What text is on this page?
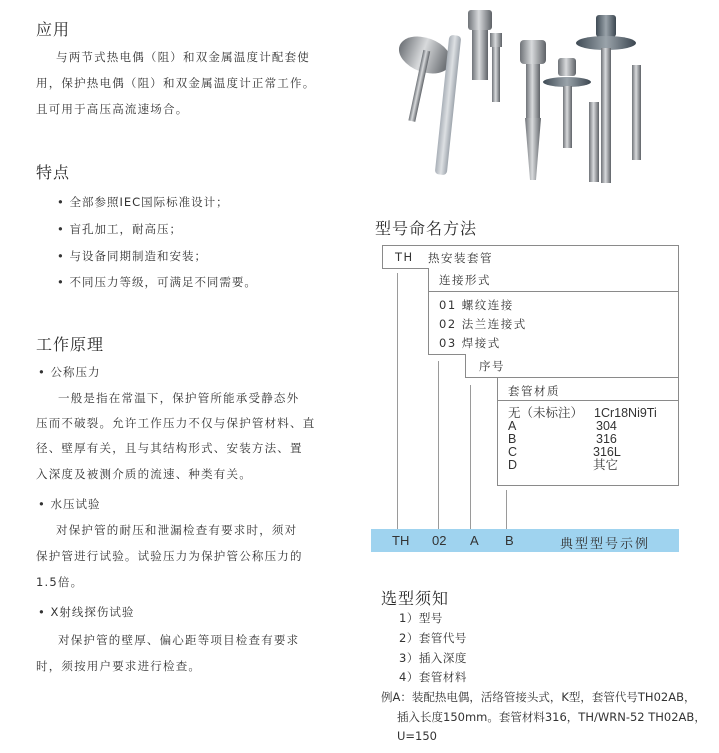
应用
与两节式热电偶（阻）和双金属温度计配套使
用，保护热电偶（阻）和双金属温度计正常工作。
且可用于高压高流速场合。
特点
• 全部参照IEC国际标准设计；
• 盲孔加工，耐高压；
• 与设备同期制造和安装；
• 不同压力等级，可满足不同需要。
工作原理
• 公称压力
一般是指在常温下，保护管所能承受静态外
压而不破裂。允许工作压力不仅与保护管材料、直
径、壁厚有关，且与其结构形式、安装方法、置
入深度及被测介质的流速、种类有关。
• 水压试验
对保护管的耐压和泄漏检查有要求时，须对
保护管进行试验。试验压力为保护管公称压力的
1.5倍。
• X射线探伤试验
对保护管的壁厚、偏心距等项目检查有要求
时，须按用户要求进行检查。
型号命名方法
TH 热安装套管
连接形式
01 螺纹连接
02 法兰连接式
03 焊接式
序号
套管材质
无（未标注） 1Cr18Ni9Ti
A	304
B	316
C	316L
D	其它
TH 02 A B	典型型号示例
选型须知
1）型号
2）套管代号
3）插入深度
4）套管材料
例A：装配热电偶，活络管接头式，K型，套管代号TH02AB，
插入长度150mm。套管材料316，TH/WRN-52 TH02AB，
U=150
